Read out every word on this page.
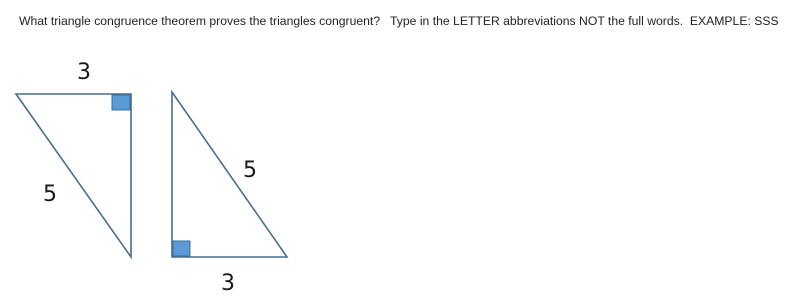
What triangle congruence theorem proves the triangles congruent?   Type in the LETTER abbreviations NOT the full words.  EXAMPLE: SSS
3
5
5
3
